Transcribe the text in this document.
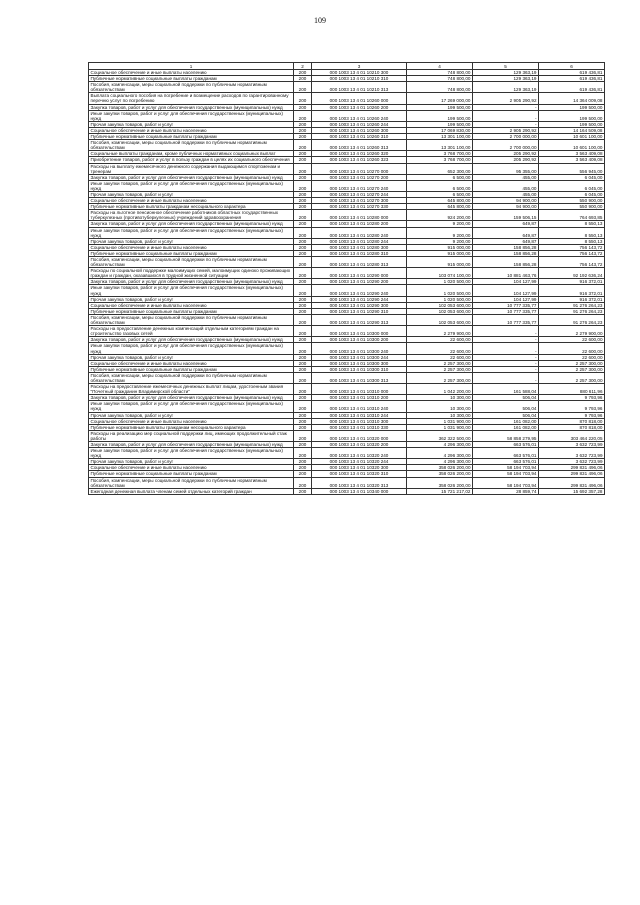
109
1	2	3	4	5	6
Социальное обеспечение и иные выплаты населению	200	000 1003 13 4 01 10210 300	748 800,00	129 363,19	619 436,81
Публичные нормативные социальные выплаты гражданам	200	000 1003 13 4 01 10210 310	748 800,00	129 363,19	619 436,81
Пособия, компенсации, меры социальной поддержки по публичным нормативным обязательствам	200	000 1003 13 4 01 10210 313	748 800,00	129 363,19	619 436,81
Выплата социального пособия на погребение и возмещение расходов по гарантированному перечню услуг по погребению	200	000 1003 13 4 01 10260 000	17 269 000,00	2 905 290,92	14 364 009,08
Закупка товаров, работ и услуг для обеспечения государственных (муниципальных) нужд	200	000 1003 13 4 01 10260 200	199 500,00	-	199 500,00
Иные закупки товаров, работ и услуг для обеспечения государственных (муниципальных) нужд	200	000 1003 13 4 01 10260 240	199 500,00	-	199 500,00
Прочая закупка товаров, работ и услуг	200	000 1003 13 4 01 10260 244	199 500,00	-	199 500,00
Социальное обеспечение и иные выплаты населению	200	000 1003 13 4 01 10260 300	17 069 830,00	2 905 290,92	14 164 509,08
Публичные нормативные социальные выплаты гражданам	200	000 1003 13 4 01 10260 310	13 301 100,00	2 700 000,00	10 601 100,00
Пособия, компенсации, меры социальной поддержки по публичным нормативным обязательствам	200	000 1003 13 4 01 10260 313	13 301 100,00	2 700 000,00	10 601 100,00
Социальные выплаты гражданам, кроме публичных нормативных социальных выплат	200	000 1003 13 4 01 10260 320	3 768 700,00	205 290,92	3 563 409,08
Приобретение товаров, работ и услуг в пользу граждан в целях их социального обеспечения	200	000 1003 13 4 01 10260 323	3 768 700,00	205 290,92	3 563 409,08
Расходы на выплату ежемесячного денежного содержания выдающимся спортсменам и тренерам	200	000 1003 13 4 01 10270 000	652 300,00	95 355,00	556 945,00
Закупка товаров, работ и услуг для обеспечения государственных (муниципальных) нужд	200	000 1003 13 4 01 10270 200	6 500,00	455,00	6 045,00
Иные закупки товаров, работ и услуг для обеспечения государственных (муниципальных) нужд	200	000 1003 13 4 01 10270 240	6 500,00	455,00	6 045,00
Прочая закупка товаров, работ и услуг	200	000 1003 13 4 01 10270 244	6 500,00	455,00	6 045,00
Социальное обеспечение и иные выплаты населению	200	000 1003 13 4 01 10270 300	645 800,00	94 900,00	550 900,00
Публичные нормативные выплаты гражданам несоциального характера	200	000 1003 13 4 01 10270 330	645 800,00	94 900,00	550 900,00
Расходы на льготное пенсионное обеспечение работников областных государственных туберкулезных (противотуберкулезных) учреждений здравоохранения	200	000 1003 13 4 01 10280 000	924 200,00	159 506,15	764 693,85
Закупка товаров, работ и услуг для обеспечения государственных (муниципальных) нужд	200	000 1003 13 4 01 10280 200	9 200,00	649,87	8 550,13
Иные закупки товаров, работ и услуг для обеспечения государственных (муниципальных) нужд	200	000 1003 13 4 01 10280 240	9 200,00	649,87	8 550,13
Прочая закупка товаров, работ и услуг	200	000 1003 13 4 01 10280 244	9 200,00	649,87	8 550,13
Социальное обеспечение и иные выплаты населению	200	000 1003 13 4 01 10280 300	915 000,00	158 856,28	756 143,72
Публичные нормативные социальные выплаты гражданам	200	000 1003 13 4 01 10280 310	915 000,00	158 856,28	756 143,72
Пособия, компенсации, меры социальной поддержки по публичным нормативным обязательствам	200	000 1003 13 4 01 10280 313	915 000,00	158 856,28	756 143,72
Расходы по социальной поддержке малоимущих семей, малоимущих одиноко проживающих граждан и граждан, оказавшихся в трудной жизненной ситуации	200	000 1003 13 4 01 10290 000	103 074 100,00	10 881 463,76	92 192 636,24
Закупка товаров, работ и услуг для обеспечения государственных (муниципальных) нужд	200	000 1003 13 4 01 10290 200	1 020 500,00	104 127,99	916 372,01
Иные закупки товаров, работ и услуг для обеспечения государственных (муниципальных) нужд	200	000 1003 13 4 01 10290 240	1 020 500,00	104 127,99	916 372,01
Прочая закупка товаров, работ и услуг	200	000 1003 13 4 01 10290 244	1 020 500,00	104 127,99	916 372,01
Социальное обеспечение и иные выплаты населению	200	000 1003 13 4 01 10290 300	102 053 600,00	10 777 335,77	91 276 264,23
Публичные нормативные социальные выплаты гражданам	200	000 1003 13 4 01 10290 310	102 053 600,00	10 777 335,77	91 276 264,23
Пособия, компенсации, меры социальной поддержки по публичным нормативным обязательствам	200	000 1003 13 4 01 10290 313	102 053 600,00	10 777 335,77	91 276 264,23
Расходы на предоставление денежных компенсаций отдельным категориям граждан на строительство газовых сетей	200	000 1003 13 4 01 10300 000	2 279 900,00	-	2 279 900,00
Закупка товаров, работ и услуг для обеспечения государственных (муниципальных) нужд	200	000 1003 13 4 01 10300 200	22 600,00	-	22 600,00
Иные закупки товаров, работ и услуг для обеспечения государственных (муниципальных) нужд	200	000 1003 13 4 01 10300 240	22 600,00	-	22 600,00
Прочая закупка товаров, работ и услуг	200	000 1003 13 4 01 10300 244	22 600,00	-	22 600,00
Социальное обеспечение и иные выплаты населению	200	000 1003 13 4 01 10300 300	2 257 300,00	-	2 257 300,00
Публичные нормативные социальные выплаты гражданам	200	000 1003 13 4 01 10300 310	2 257 300,00	-	2 257 300,00
Пособия, компенсации, меры социальной поддержки по публичным нормативным обязательствам	200	000 1003 13 4 01 10300 313	2 257 300,00	-	2 257 300,00
Расходы на предоставление ежемесячных денежных выплат лицам, удостоенным звания "Почетный гражданин Владимирской области"	200	000 1003 13 4 01 10310 000	1 042 200,00	161 588,04	880 611,96
Закупка товаров, работ и услуг для обеспечения государственных (муниципальных) нужд	200	000 1003 13 4 01 10310 200	10 300,00	506,04	9 793,96
Иные закупки товаров, работ и услуг для обеспечения государственных (муниципальных) нужд	200	000 1003 13 4 01 10310 240	10 300,00	506,04	9 793,96
Прочая закупка товаров, работ и услуг	200	000 1003 13 4 01 10310 244	10 300,00	506,04	9 793,96
Социальное обеспечение и иные выплаты населению	200	000 1003 13 4 01 10310 300	1 031 900,00	161 082,00	870 818,00
Публичные нормативные выплаты гражданам несоциального характера	200	000 1003 13 4 01 10310 330	1 031 900,00	161 082,00	870 818,00
Расходы на реализацию мер социальной поддержки лиц, имеющих продолжительный стаж работы	200	000 1003 13 4 01 10320 000	362 322 500,00	58 858 279,95	303 464 220,05
Закупка товаров, работ и услуг для обеспечения государственных (муниципальных) нужд	200	000 1003 13 4 01 10320 200	4 296 300,00	663 576,01	3 632 723,99
Иные закупки товаров, работ и услуг для обеспечения государственных (муниципальных) нужд	200	000 1003 13 4 01 10320 240	4 296 300,00	663 576,01	3 632 723,99
Прочая закупка товаров, работ и услуг	200	000 1003 13 4 01 10320 244	4 296 300,00	663 576,01	3 632 723,99
Социальное обеспечение и иные выплаты населению	200	000 1003 13 4 01 10320 300	358 026 200,00	58 194 703,94	299 831 496,06
Публичные нормативные социальные выплаты гражданам	200	000 1003 13 4 01 10320 310	358 026 200,00	58 194 703,94	299 831 496,06
Пособия, компенсации, меры социальной поддержки по публичным нормативным обязательствам	200	000 1003 13 4 01 10320 313	358 026 200,00	58 194 703,94	299 831 496,06
Ежегодная денежная выплата членам семей отдельных категорий граждан	200	000 1003 13 4 01 10340 000	15 721 217,02	28 859,74	15 692 357,28
